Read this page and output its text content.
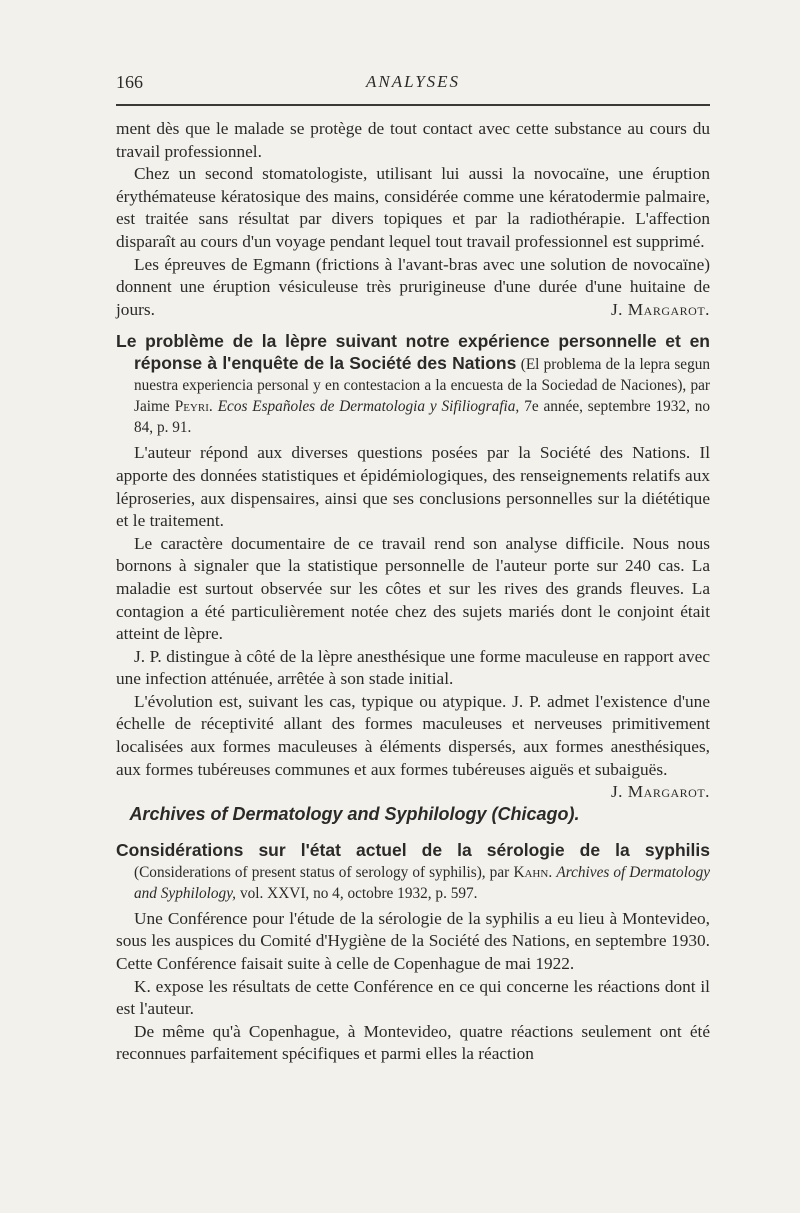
166	ANALYSES

ment dès que le malade se protège de tout contact avec cette substance au cours du travail professionnel.

Chez un second stomatologiste, utilisant lui aussi la novocaïne, une éruption érythémateuse kératosique des mains, considérée comme une kératodermie palmaire, est traitée sans résultat par divers topiques et par la radiothérapie. L'affection disparaît au cours d'un voyage pendant lequel tout travail professionnel est supprimé.

Les épreuves de Egmann (frictions à l'avant-bras avec une solution de novocaïne) donnent une éruption vésiculeuse très prurigineuse d'une durée d'une huitaine de jours.	J. Margarot.

Le problème de la lèpre suivant notre expérience personnelle et en réponse à l'enquête de la Société des Nations (El problema de la lepra segun nuestra experiencia personal y en contestacion a la encuesta de la Sociedad de Naciones), par Jaime Peyri. Ecos Españoles de Dermatologia y Sifiliografia, 7e année, septembre 1932, no 84, p. 91.

L'auteur répond aux diverses questions posées par la Société des Nations. Il apporte des données statistiques et épidémiologiques, des renseignements relatifs aux léproseries, aux dispensaires, ainsi que ses conclusions personnelles sur la diététique et le traitement.

Le caractère documentaire de ce travail rend son analyse difficile. Nous nous bornons à signaler que la statistique personnelle de l'auteur porte sur 240 cas. La maladie est surtout observée sur les côtes et sur les rives des grands fleuves. La contagion a été particulièrement notée chez des sujets mariés dont le conjoint était atteint de lèpre.

J. P. distingue à côté de la lèpre anesthésique une forme maculeuse en rapport avec une infection atténuée, arrêtée à son stade initial.

L'évolution est, suivant les cas, typique ou atypique. J. P. admet l'existence d'une échelle de réceptivité allant des formes maculeuses et nerveuses primitivement localisées aux formes maculeuses à éléments dispersés, aux formes anesthésiques, aux formes tubéreuses communes et aux formes tubéreuses aiguës et subaiguës.
J. Margarot.

Archives of Dermatology and Syphilology (Chicago).
Considérations sur l'état actuel de la sérologie de la syphilis (Considerations of present status of serology of syphilis), par Kahn. Archives of Dermatology and Syphilology, vol. XXVI, no 4, octobre 1932, p. 597.

Une Conférence pour l'étude de la sérologie de la syphilis a eu lieu à Montevideo, sous les auspices du Comité d'Hygiène de la Société des Nations, en septembre 1930. Cette Conférence faisait suite à celle de Copenhague de mai 1922.

K. expose les résultats de cette Conférence en ce qui concerne les réactions dont il est l'auteur.

De même qu'à Copenhague, à Montevideo, quatre réactions seulement ont été reconnues parfaitement spécifiques et parmi elles la réaction
